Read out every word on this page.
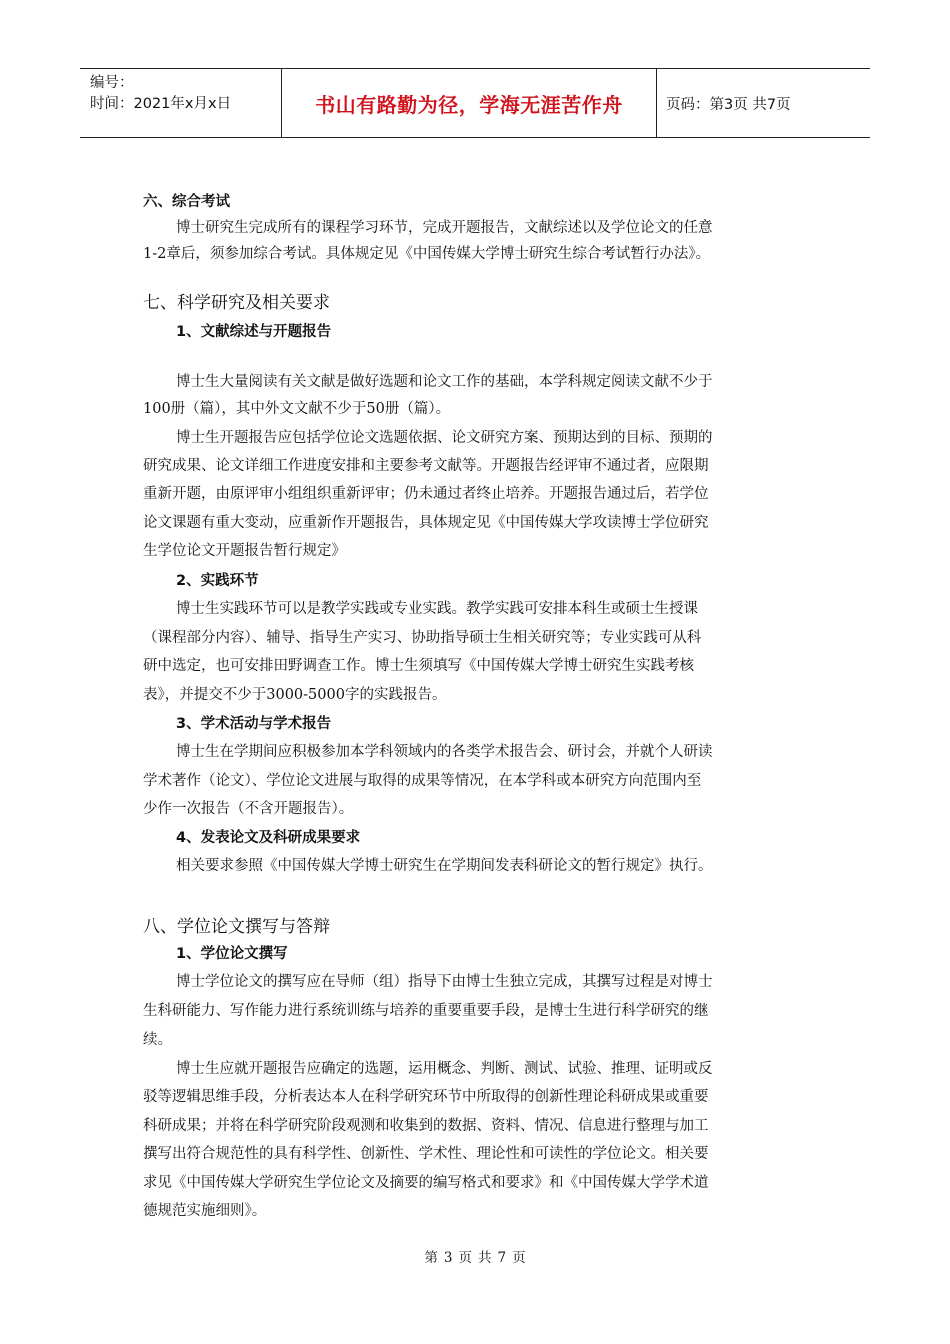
编号：
时间：2021年x月x日	书山有路勤为径，学海无涯苦作舟	页码：第3页 共7页
六、综合考试
博士研究生完成所有的课程学习环节，完成开题报告，文献综述以及学位论文的任意
1-2章后，须参加综合考试。具体规定见《中国传媒大学博士研究生综合考试暂行办法》。
七、科学研究及相关要求
1、文献综述与开题报告
博士生大量阅读有关文献是做好选题和论文工作的基础，本学科规定阅读文献不少于
100册（篇），其中外文文献不少于50册（篇）。
博士生开题报告应包括学位论文选题依据、论文研究方案、预期达到的目标、预期的
研究成果、论文详细工作进度安排和主要参考文献等。开题报告经评审不通过者，应限期
重新开题，由原评审小组组织重新评审；仍未通过者终止培养。开题报告通过后，若学位
论文课题有重大变动，应重新作开题报告，具体规定见《中国传媒大学攻读博士学位研究
生学位论文开题报告暂行规定》
2、实践环节
博士生实践环节可以是教学实践或专业实践。教学实践可安排本科生或硕士生授课
（课程部分内容）、辅导、指导生产实习、协助指导硕士生相关研究等；专业实践可从科
研中选定，也可安排田野调查工作。博士生须填写《中国传媒大学博士研究生实践考核
表》，并提交不少于3000-5000字的实践报告。
3、学术活动与学术报告
博士生在学期间应积极参加本学科领域内的各类学术报告会、研讨会，并就个人研读
学术著作（论文）、学位论文进展与取得的成果等情况，在本学科或本研究方向范围内至
少作一次报告（不含开题报告）。
4、发表论文及科研成果要求
相关要求参照《中国传媒大学博士研究生在学期间发表科研论文的暂行规定》执行。
八、学位论文撰写与答辩
1、学位论文撰写
博士学位论文的撰写应在导师（组）指导下由博士生独立完成，其撰写过程是对博士
生科研能力、写作能力进行系统训练与培养的重要重要手段，是博士生进行科学研究的继
续。
博士生应就开题报告应确定的选题，运用概念、判断、测试、试验、推理、证明或反
驳等逻辑思维手段，分析表达本人在科学研究环节中所取得的创新性理论科研成果或重要
科研成果；并将在科学研究阶段观测和收集到的数据、资料、情况、信息进行整理与加工
撰写出符合规范性的具有科学性、创新性、学术性、理论性和可读性的学位论文。相关要
求见《中国传媒大学研究生学位论文及摘要的编写格式和要求》和《中国传媒大学学术道
德规范实施细则》。
第 3 页 共 7 页
